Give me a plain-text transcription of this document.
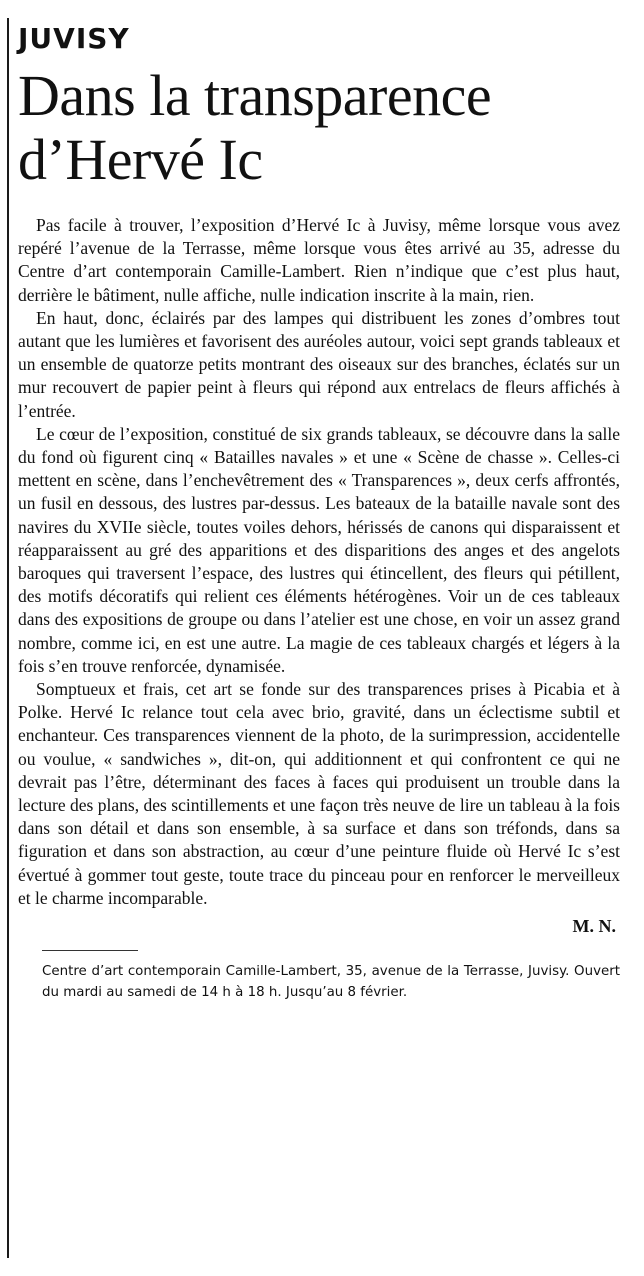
JUVISY
Dans la transparence d’Hervé Ic

Pas facile à trouver, l’exposition d’Hervé Ic à Juvisy, même lorsque vous avez repéré l’avenue de la Terrasse, même lorsque vous êtes arrivé au 35, adresse du Centre d’art contemporain Camille-Lambert. Rien n’indique que c’est plus haut, derrière le bâtiment, nulle affiche, nulle indication inscrite à la main, rien.

En haut, donc, éclairés par des lampes qui distribuent les zones d’ombres tout autant que les lumières et favorisent des auréoles autour, voici sept grands tableaux et un ensemble de quatorze petits montrant des oiseaux sur des branches, éclatés sur un mur recouvert de papier peint à fleurs qui répond aux entrelacs de fleurs affichés à l’entrée.

Le cœur de l’exposition, constitué de six grands tableaux, se découvre dans la salle du fond où figurent cinq « Batailles navales » et une « Scène de chasse ». Celles-ci mettent en scène, dans l’enchevêtrement des « Transparences », deux cerfs affrontés, un fusil en dessous, des lustres par-dessus. Les bateaux de la bataille navale sont des navires du XVIIe siècle, toutes voiles dehors, hérissés de canons qui disparaissent et réapparaissent au gré des apparitions et des disparitions des anges et des angelots baroques qui traversent l’espace, des lustres qui étincellent, des fleurs qui pétillent, des motifs décoratifs qui relient ces éléments hétérogènes. Voir un de ces tableaux dans des expositions de groupe ou dans l’atelier est une chose, en voir un assez grand nombre, comme ici, en est une autre. La magie de ces tableaux chargés et légers à la fois s’en trouve renforcée, dynamisée.

Somptueux et frais, cet art se fonde sur des transparences prises à Picabia et à Polke. Hervé Ic relance tout cela avec brio, gravité, dans un éclectisme subtil et enchanteur. Ces transparences viennent de la photo, de la surimpression, accidentelle ou voulue, « sandwiches », dit-on, qui additionnent et qui confrontent ce qui ne devrait pas l’être, déterminant des faces à faces qui produisent un trouble dans la lecture des plans, des scintillements et une façon très neuve de lire un tableau à la fois dans son détail et dans son ensemble, à sa surface et dans son tréfonds, dans sa figuration et dans son abstraction, au cœur d’une peinture fluide où Hervé Ic s’est évertué à gommer tout geste, toute trace du pinceau pour en renforcer le merveilleux et le charme incomparable.

M. N.
Centre d’art contemporain Camille-Lambert, 35, avenue de la Terrasse, Juvisy. Ouvert du mardi au samedi de 14 h à 18 h. Jusqu’au 8 février.
